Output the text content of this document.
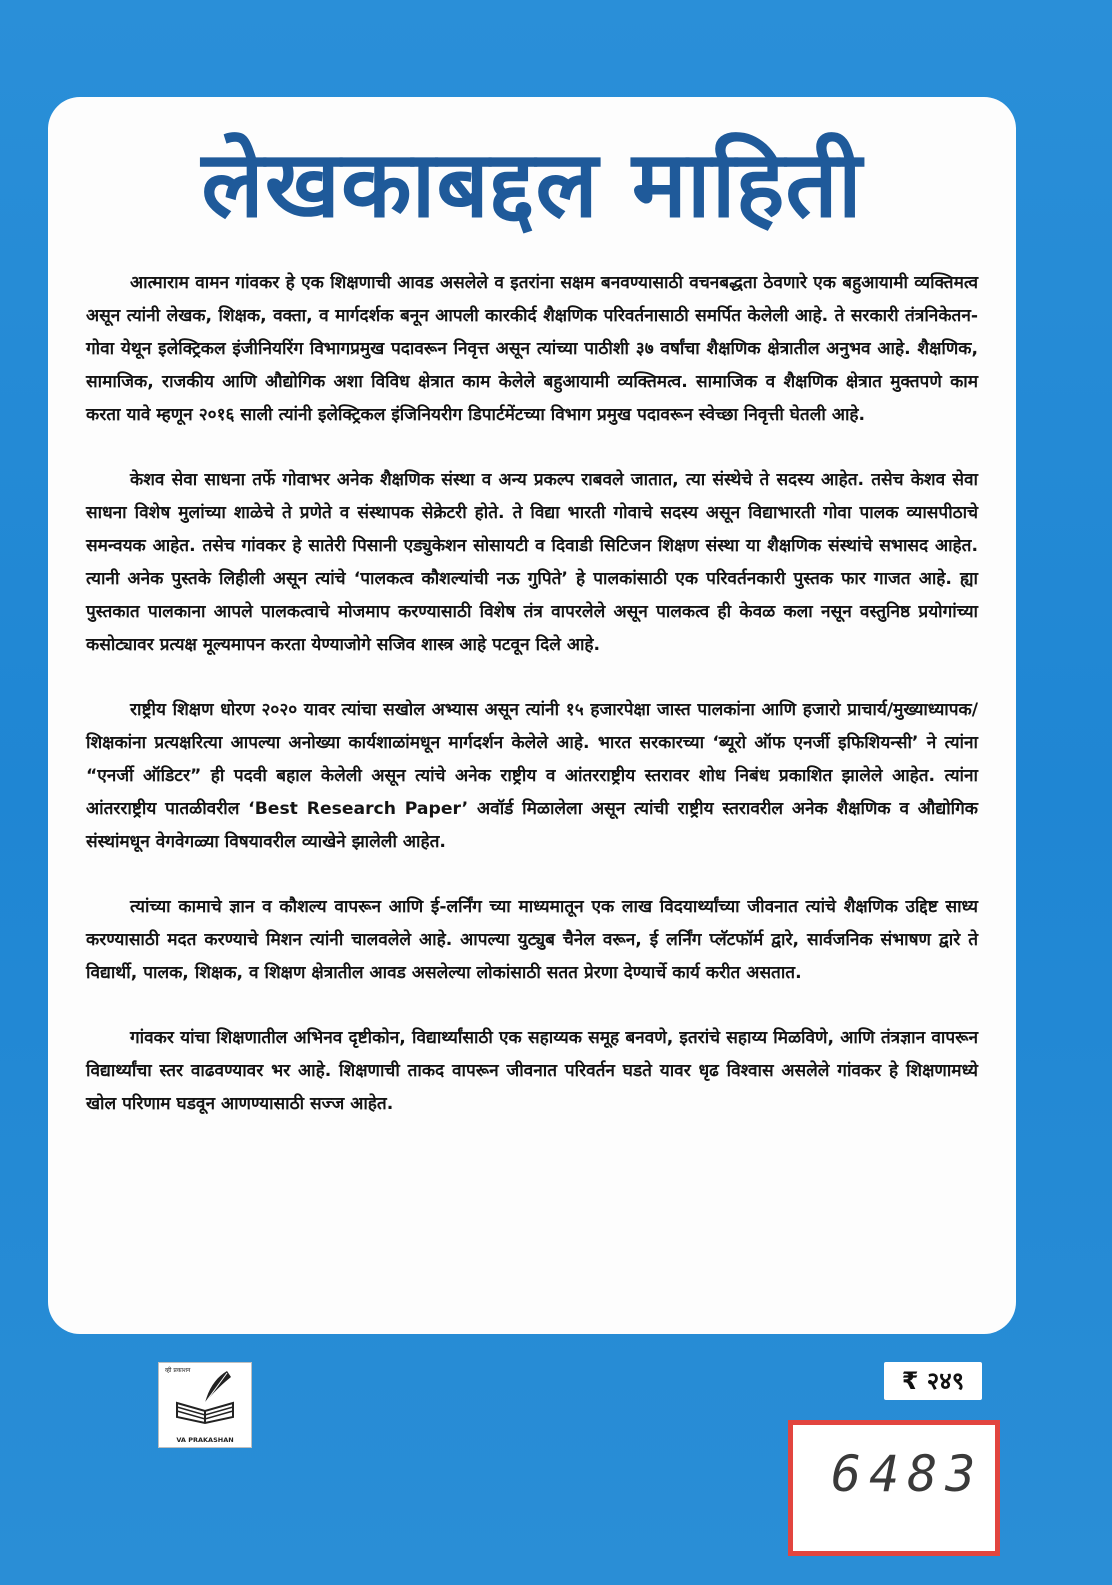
लेखकाबद्दल माहिती

आत्माराम वामन गांवकर हे एक शिक्षणाची आवड असलेले व इतरांना सक्षम बनवण्यासाठी वचनबद्धता ठेवणारे एक बहुआयामी व्यक्तिमत्व असून त्यांनी लेखक, शिक्षक, वक्ता, व मार्गदर्शक बनून आपली कारकीर्द शैक्षणिक परिवर्तनासाठी समर्पित केलेली आहे. ते सरकारी तंत्रनिकेतन-गोवा येथून इलेक्ट्रिकल इंजीनियरिंग विभागप्रमुख पदावरून निवृत्त असून त्यांच्या पाठीशी ३७ वर्षांचा शैक्षणिक क्षेत्रातील अनुभव आहे. शैक्षणिक, सामाजिक, राजकीय आणि औद्योगिक अशा विविध क्षेत्रात काम केलेले बहुआयामी व्यक्तिमत्व. सामाजिक व शैक्षणिक क्षेत्रात मुक्तपणे काम करता यावे म्हणून २०१६ साली त्यांनी इलेक्ट्रिकल इंजिनियरीग डिपार्टमेंटच्या विभाग प्रमुख पदावरून स्वेच्छा निवृत्ती घेतली आहे.

केशव सेवा साधना तर्फे गोवाभर अनेक शैक्षणिक संस्था व अन्य प्रकल्प राबवले जातात, त्या संस्थेचे ते सदस्य आहेत. तसेच केशव सेवा साधना विशेष मुलांच्या शाळेचे ते प्रणेते व संस्थापक सेक्रेटरी होते. ते विद्या भारती गोवाचे सदस्य असून विद्याभारती गोवा पालक व्यासपीठाचे समन्वयक आहेत. तसेच गांवकर हे सातेरी पिसानी एड्युकेशन सोसायटी व दिवाडी सिटिजन शिक्षण संस्था या शैक्षणिक संस्थांचे सभासद आहेत. त्यानी अनेक पुस्तके लिहीली असून त्यांचे ‘पालकत्व कौशल्यांची नऊ गुपिते’ हे पालकांसाठी एक परिवर्तनकारी पुस्तक फार गाजत आहे. ह्या पुस्तकात पालकाना आपले पालकत्वाचे मोजमाप करण्यासाठी विशेष तंत्र वापरलेले असून पालकत्व ही केवळ कला नसून वस्तुनिष्ठ प्रयोगांच्या कसोट्यावर प्रत्यक्ष मूल्यमापन करता येण्याजोगे सजिव शास्त्र आहे पटवून दिले आहे.

राष्ट्रीय शिक्षण धोरण २०२० यावर त्यांचा सखोल अभ्यास असून त्यांनी १५ हजारपेक्षा जास्त पालकांना आणि हजारो प्राचार्य/मुख्याध्यापक/शिक्षकांना प्रत्यक्षरित्या आपल्या अनोख्या कार्यशाळांमधून मार्गदर्शन केलेले आहे. भारत सरकारच्या ‘ब्यूरो ऑफ एनर्जी इफिशियन्सी’ ने त्यांना “एनर्जी ऑडिटर” ही पदवी बहाल केलेली असून त्यांचे अनेक राष्ट्रीय व आंतरराष्ट्रीय स्तरावर शोध निबंध प्रकाशित झालेले आहेत. त्यांना आंतरराष्ट्रीय पातळीवरील ‘Best Research Paper’ अवॉर्ड मिळालेला असून त्यांची राष्ट्रीय स्तरावरील अनेक शैक्षणिक व औद्योगिक संस्थांमधून वेगवेगळ्या विषयावरील व्याखेने झालेली आहेत.

त्यांच्या कामाचे ज्ञान व कौशल्य वापरून आणि ई-लर्निंग च्या माध्यमातून एक लाख विदयार्थ्यांच्या जीवनात त्यांचे शैक्षणिक उद्दिष्ट साध्य करण्यासाठी मदत करण्याचे मिशन त्यांनी चालवलेले आहे. आपल्या युट्युब चैनेल वरून, ई लर्निंग प्लॅटफॉर्म द्वारे, सार्वजनिक संभाषण द्वारे ते विद्यार्थी, पालक, शिक्षक, व शिक्षण क्षेत्रातील आवड असलेल्या लोकांसाठी सतत प्रेरणा देण्यार्चे कार्य करीत असतात.

गांवकर यांचा शिक्षणातील अभिनव दृष्टीकोन, विद्यार्थ्यांसाठी एक सहाय्यक समूह बनवणे, इतरांचे सहाय्य मिळविणे, आणि तंत्रज्ञान वापरून विद्यार्थ्यांचा स्तर वाढवण्यावर भर आहे. शिक्षणाची ताकद वापरून जीवनात परिवर्तन घडते यावर धृढ विश्वास असलेले गांवकर हे शिक्षणामध्ये खोल परिणाम घडवून आणण्यासाठी सज्ज आहेत.

व्ही प्रकाशन
VA PRAKASHAN
₹ २४९
6483
